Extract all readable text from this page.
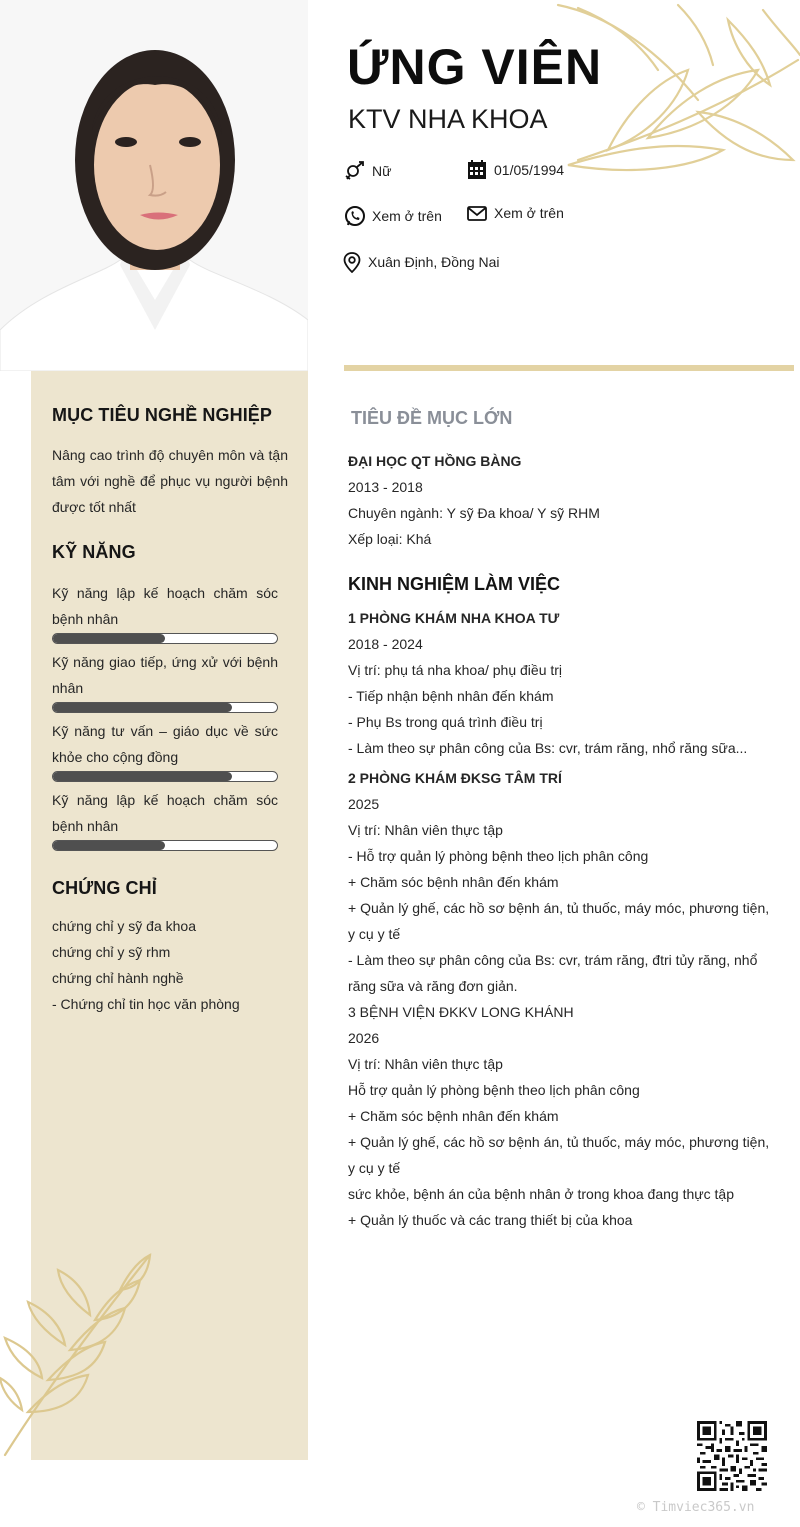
MỤC TIÊU NGHỀ NGHIỆP

Nâng cao trình độ chuyên môn và tận tâm với nghề để phục vụ người bệnh được tốt nhất

KỸ NĂNG
Kỹ năng lập kế hoạch chăm sóc bệnh nhân
Kỹ năng giao tiếp, ứng xử với bệnh nhân
Kỹ năng tư vấn – giáo dục về sức khỏe cho cộng đồng
Kỹ năng lập kế hoạch chăm sóc bệnh nhân
CHỨNG CHỈ
chứng chỉ y sỹ đa khoa
chứng chỉ y sỹ rhm
chứng chỉ hành nghề
- Chứng chỉ tin học văn phòng
ỨNG VIÊN
KTV NHA KHOA
Nữ	01/05/1994
Xem ở trên	Xem ở trên
Xuân Định, Đồng Nai
TIÊU ĐỀ MỤC LỚN
ĐẠI HỌC QT HỒNG BÀNG
2013 - 2018
Chuyên ngành: Y sỹ Đa khoa/ Y sỹ RHM
Xếp loại: Khá
KINH NGHIỆM LÀM VIỆC
1 PHÒNG KHÁM NHA KHOA TƯ
2018 - 2024
Vị trí: phụ tá nha khoa/ phụ điều trị
- Tiếp nhận bệnh nhân đến khám
- Phụ Bs trong quá trình điều trị
- Làm theo sự phân công của Bs: cvr, trám răng, nhổ răng sữa...
2 PHÒNG KHÁM ĐKSG TÂM TRÍ
2025
Vị trí: Nhân viên thực tập
- Hỗ trợ quản lý phòng bệnh theo lịch phân công
+ Chăm sóc bệnh nhân đến khám
+ Quản lý ghế, các hồ sơ bệnh án, tủ thuốc, máy móc, phương tiện, y cụ y tế
- Làm theo sự phân công của Bs: cvr, trám răng, đtri tủy răng, nhổ răng sữa và răng đơn giản.
3 BỆNH VIỆN ĐKKV LONG KHÁNH
2026
Vị trí: Nhân viên thực tập
Hỗ trợ quản lý phòng bệnh theo lịch phân công
+ Chăm sóc bệnh nhân đến khám
+ Quản lý ghế, các hồ sơ bệnh án, tủ thuốc, máy móc, phương tiện, y cụ y tế
sức khỏe, bệnh án của bệnh nhân ở trong khoa đang thực tập
+ Quản lý thuốc và các trang thiết bị của khoa
© Timviec365.vn
